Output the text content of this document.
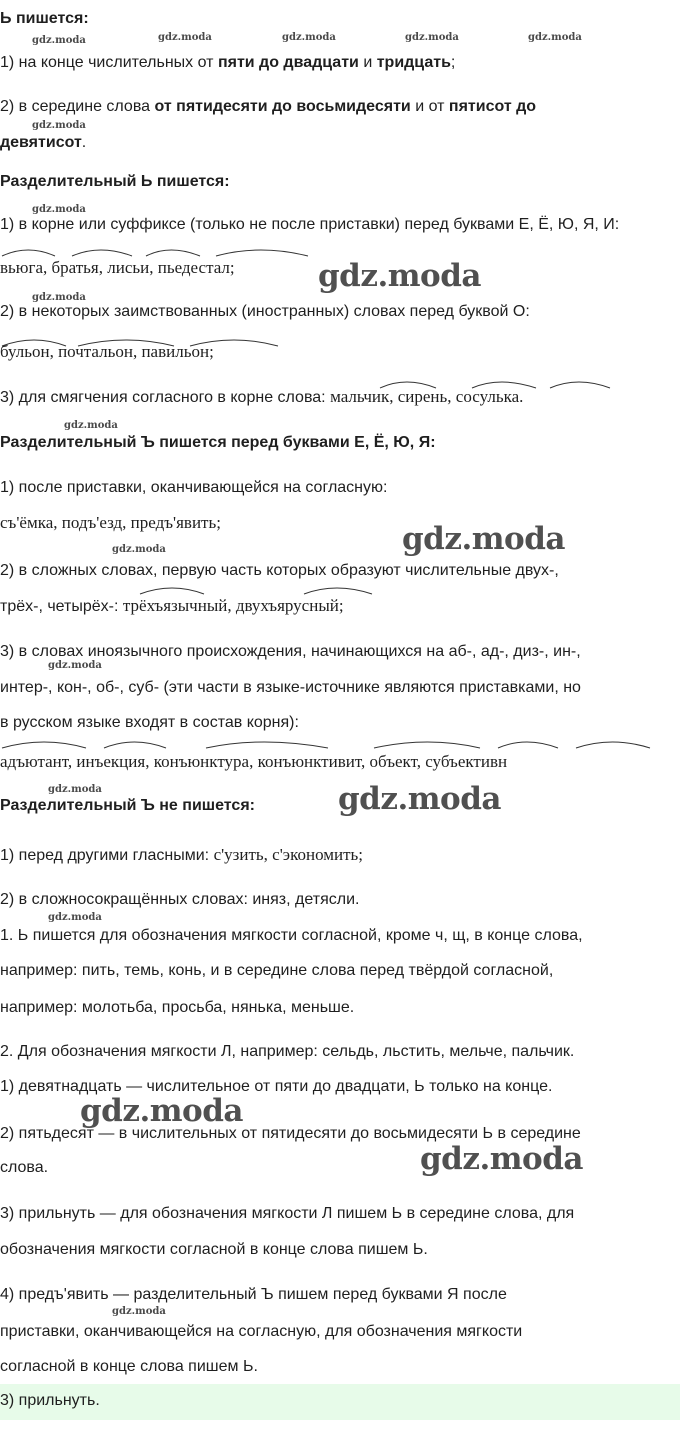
Ь пишется:
1) на конце числительных от пяти до двадцати и тридцать;
2) в середине слова от пятидесяти до восьмидесяти и от пятисот до
девятисот.
Разделительный Ь пишется:
1) в корне или суффиксе (только не после приставки) перед буквами Е, Ё, Ю, Я, И:
вьюга, братья, лисьи, пьедестал;
2) в некоторых заимствованных (иностранных) словах перед буквой О:
бульон, почтальон, павильон;
3) для смягчения согласного в корне слова: мальчик, сирень, сосулька.
Разделительный Ъ пишется перед буквами Е, Ё, Ю, Я:
1) после приставки, оканчивающейся на согласную:
съ'ёмка, подъ'езд, предъ'явить;
2) в сложных словах, первую часть которых образуют числительные двух-,
трёх-, четырёх-: трёхъязычный, двухъярусный;
3) в словах иноязычного происхождения, начинающихся на аб-, ад-, диз-, ин-,
интер-, кон-, об-, суб- (эти части в языке-источнике являются приставками, но
в русском языке входят в состав корня):
адъютант, инъекция, конъюнктура, конъюнктивит, объект, субъективн
Разделительный Ъ не пишется:
1) перед другими гласными: с'узить, с'экономить;
2) в сложносокращённых словах: иняз, детясли.
1. Ь пишется для обозначения мягкости согласной, кроме ч, щ, в конце слова,
например: пить, темь, конь, и в середине слова перед твёрдой согласной,
например: молотьба, просьба, нянька, меньше.
2. Для обозначения мягкости Л, например: сельдь, льстить, мельче, пальчик.
1) девятнадцать — числительное от пяти до двадцати, Ь только на конце.
2) пятьдесят — в числительных от пятидесяти до восьмидесяти Ь в середине
слова.
3) прильнуть — для обозначения мягкости Л пишем Ь в середине слова, для
обозначения мягкости согласной в конце слова пишем Ь.
4) предъ'явить — разделительный Ъ пишем перед буквами Я после
приставки, оканчивающейся на согласную, для обозначения мягкости
согласной в конце слова пишем Ь.
3) прильнуть.
gdz.moda	gdz.moda	gdz.moda	gdz.moda	gdz.moda
gdz.moda
gdz.moda
gdz.moda
gdz.moda
gdz.moda
gdz.moda
gdz.moda
gdz.moda
gdz.moda
gdz.moda
gdz.moda
gdz.moda
gdz.moda
gdz.moda
